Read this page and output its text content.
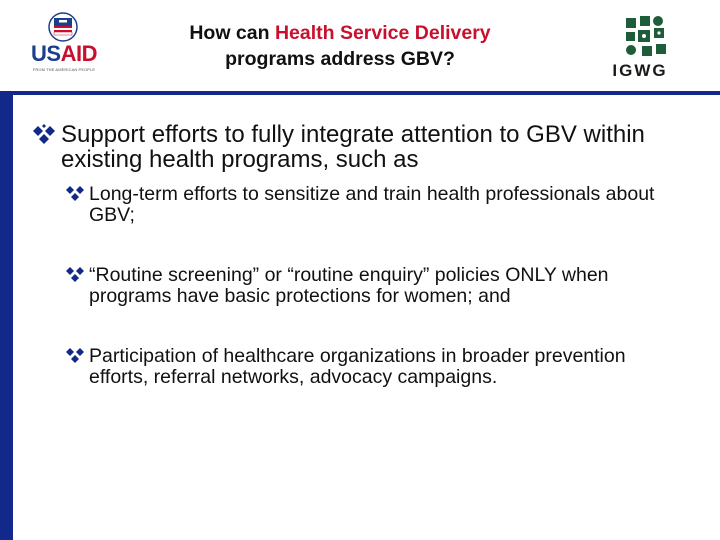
USAID
FROM THE AMERICAN PEOPLE
How can Health Service Delivery
programs address GBV?
IGWG
Support efforts to fully integrate attention to GBV within existing health programs, such as
Long-term efforts to sensitize and train health professionals about GBV;
“Routine screening” or “routine enquiry” policies ONLY when programs have basic protections for women; and
Participation of healthcare organizations in broader prevention efforts, referral networks, advocacy campaigns.
